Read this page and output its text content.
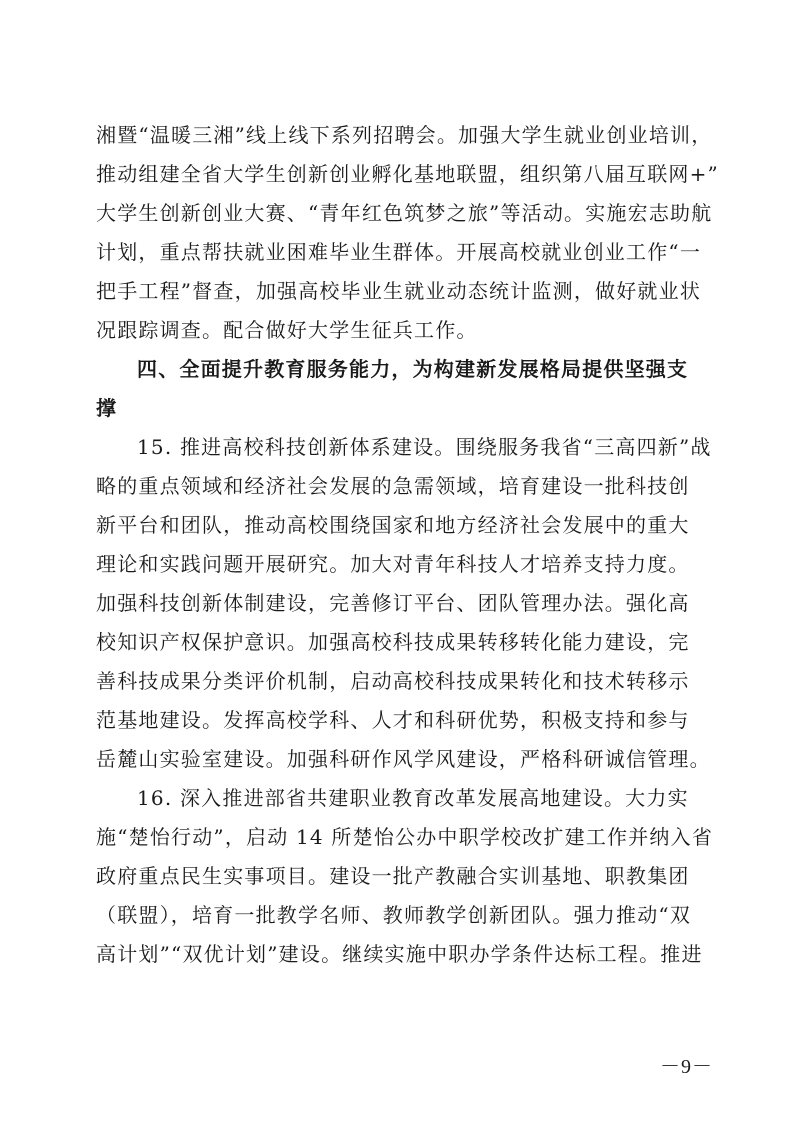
湘暨“温暖三湘”线上线下系列招聘会。加强大学生就业创业培训，
推动组建全省大学生创新创业孵化基地联盟，组织第八届互联网+”
大学生创新创业大赛、“青年红色筑梦之旅”等活动。实施宏志助航
计划，重点帮扶就业困难毕业生群体。开展高校就业创业工作“一
把手工程”督查，加强高校毕业生就业动态统计监测，做好就业状
况跟踪调查。配合做好大学生征兵工作。
四、全面提升教育服务能力，为构建新发展格局提供坚强支
撑
15. 推进高校科技创新体系建设。围绕服务我省“三高四新”战
略的重点领域和经济社会发展的急需领域，培育建设一批科技创
新平台和团队，推动高校围绕国家和地方经济社会发展中的重大
理论和实践问题开展研究。加大对青年科技人才培养支持力度。
加强科技创新体制建设，完善修订平台、团队管理办法。强化高
校知识产权保护意识。加强高校科技成果转移转化能力建设，完
善科技成果分类评价机制，启动高校科技成果转化和技术转移示
范基地建设。发挥高校学科、人才和科研优势，积极支持和参与
岳麓山实验室建设。加强科研作风学风建设，严格科研诚信管理。
16. 深入推进部省共建职业教育改革发展高地建设。大力实
施“楚怡行动”，启动 14 所楚怡公办中职学校改扩建工作并纳入省
政府重点民生实事项目。建设一批产教融合实训基地、职教集团
（联盟），培育一批教学名师、教师教学创新团队。强力推动“双
高计划”“双优计划”建设。继续实施中职办学条件达标工程。推进
－9－
